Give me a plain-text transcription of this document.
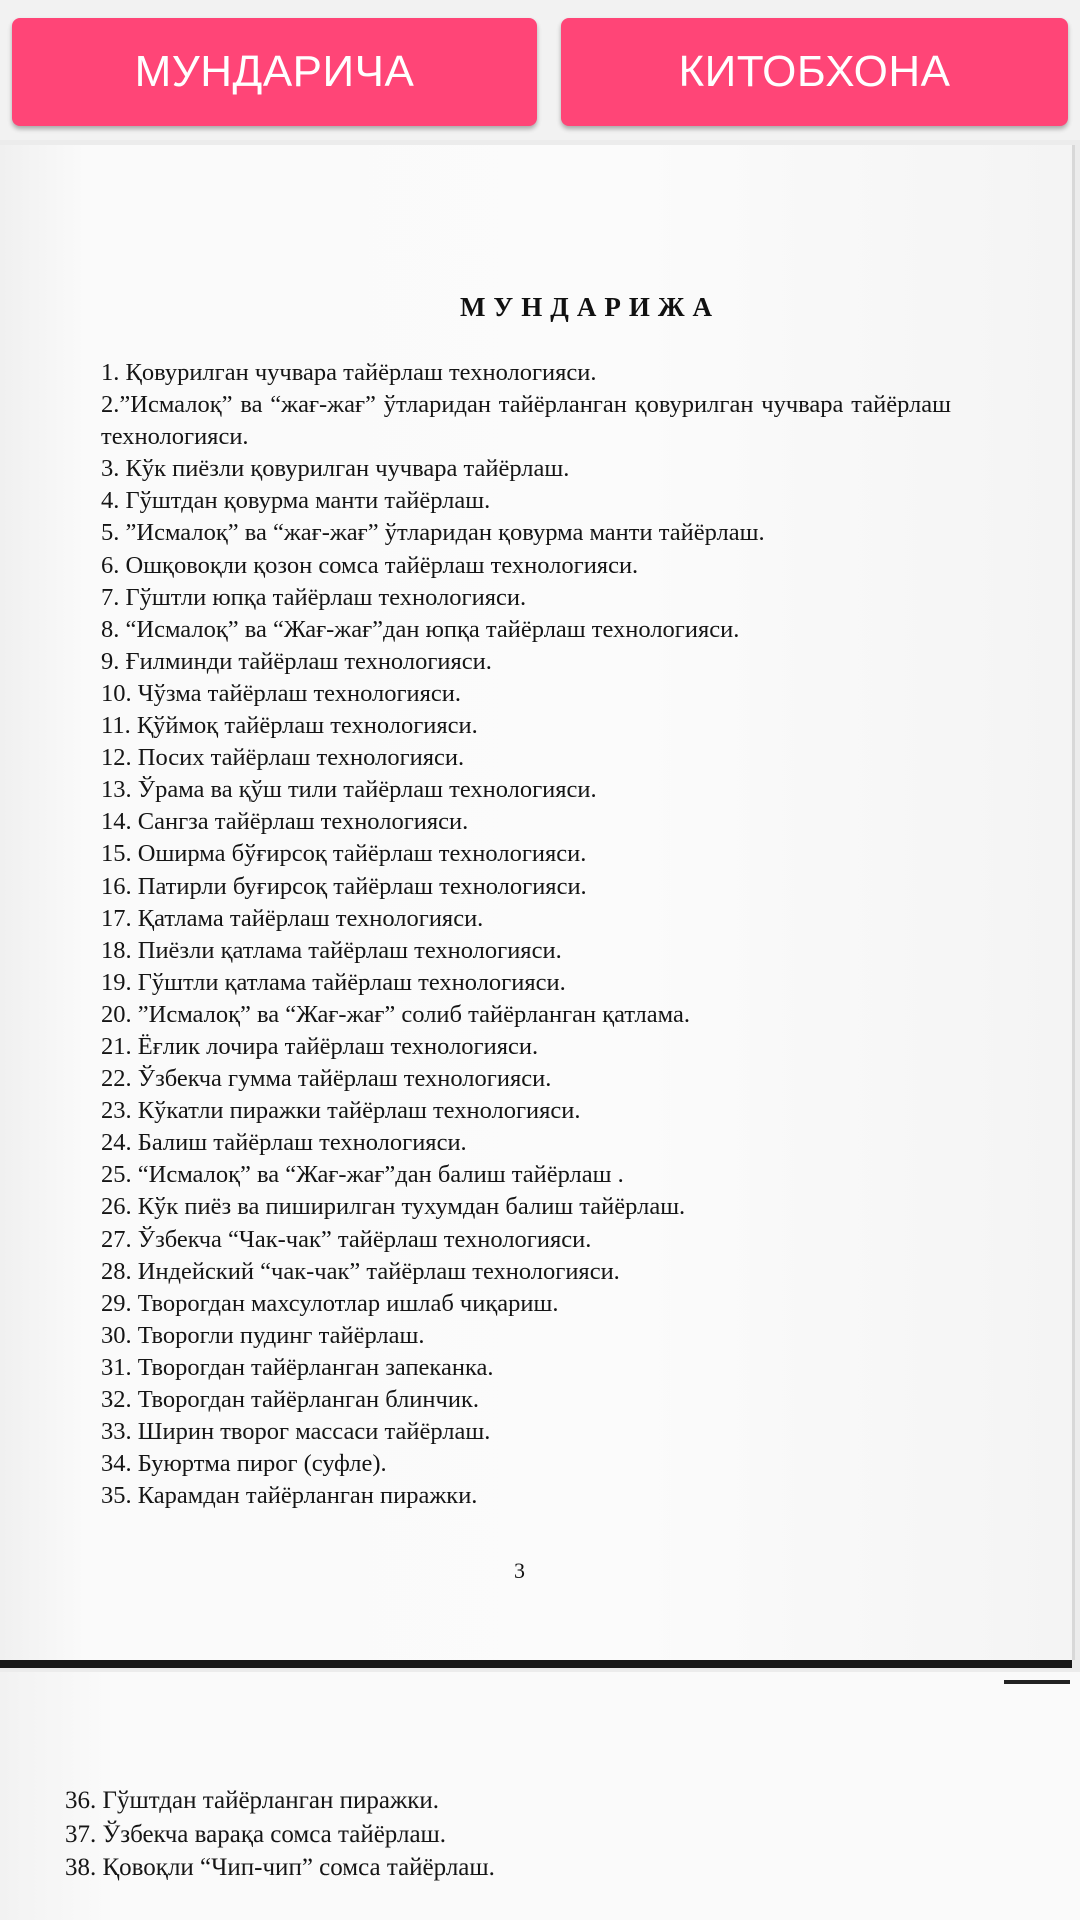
МУНДАРИЧА	КИТОБХОНА
МУНДАРИЖА
1. Қовурилган чучвара тайёрлаш технологияси.
2.”Исмалоқ” ва “жағ-жағ” ўтларидан тайёрланган қовурилган чучвара тайёрлаш технологияси.
3. Кўк пиёзли қовурилган чучвара тайёрлаш.
4. Гўштдан қовурма манти тайёрлаш.
5. ”Исмалоқ” ва “жағ-жағ” ўтларидан қовурма манти тайёрлаш.
6. Ошқовоқли қозон сомса тайёрлаш технологияси.
7. Гўштли юпқа тайёрлаш технологияси.
8. “Исмалоқ” ва “Жағ-жағ”дан юпқа тайёрлаш технологияси.
9. Ғилминди тайёрлаш технологияси.
10. Чўзма тайёрлаш технологияси.
11. Қўймоқ тайёрлаш технологияси.
12. Посих тайёрлаш технологияси.
13. Ўрама ва қўш тили тайёрлаш технологияси.
14. Сангза тайёрлаш технологияси.
15. Оширма бўғирсоқ тайёрлаш технологияси.
16. Патирли буғирсоқ тайёрлаш технологияси.
17. Қатлама тайёрлаш технологияси.
18. Пиёзли қатлама тайёрлаш технологияси.
19. Гўштли қатлама тайёрлаш технологияси.
20. ”Исмалоқ” ва “Жағ-жағ” солиб тайёрланган қатлама.
21. Ёғлик лочира тайёрлаш технологияси.
22. Ўзбекча гумма тайёрлаш технологияси.
23. Кўкатли пиражки тайёрлаш технологияси.
24. Балиш тайёрлаш технологияси.
25. “Исмалоқ” ва “Жағ-жағ”дан балиш тайёрлаш .
26. Кўк пиёз ва пиширилган тухумдан балиш тайёрлаш.
27. Ўзбекча “Чак-чак” тайёрлаш технологияси.
28. Индейский “чак-чак” тайёрлаш технологияси.
29. Творогдан махсулотлар ишлаб чиқариш.
30. Творогли пудинг тайёрлаш.
31. Творогдан тайёрланган запеканка.
32. Творогдан тайёрланган блинчик.
33. Ширин творог массаси тайёрлаш.
34. Буюртма пирог (суфле).
35. Карамдан тайёрланган пиражки.
3
36. Гўштдан тайёрланган пиражки.
37. Ўзбекча варақа сомса тайёрлаш.
38. Қовоқли “Чип-чип” сомса тайёрлаш.
